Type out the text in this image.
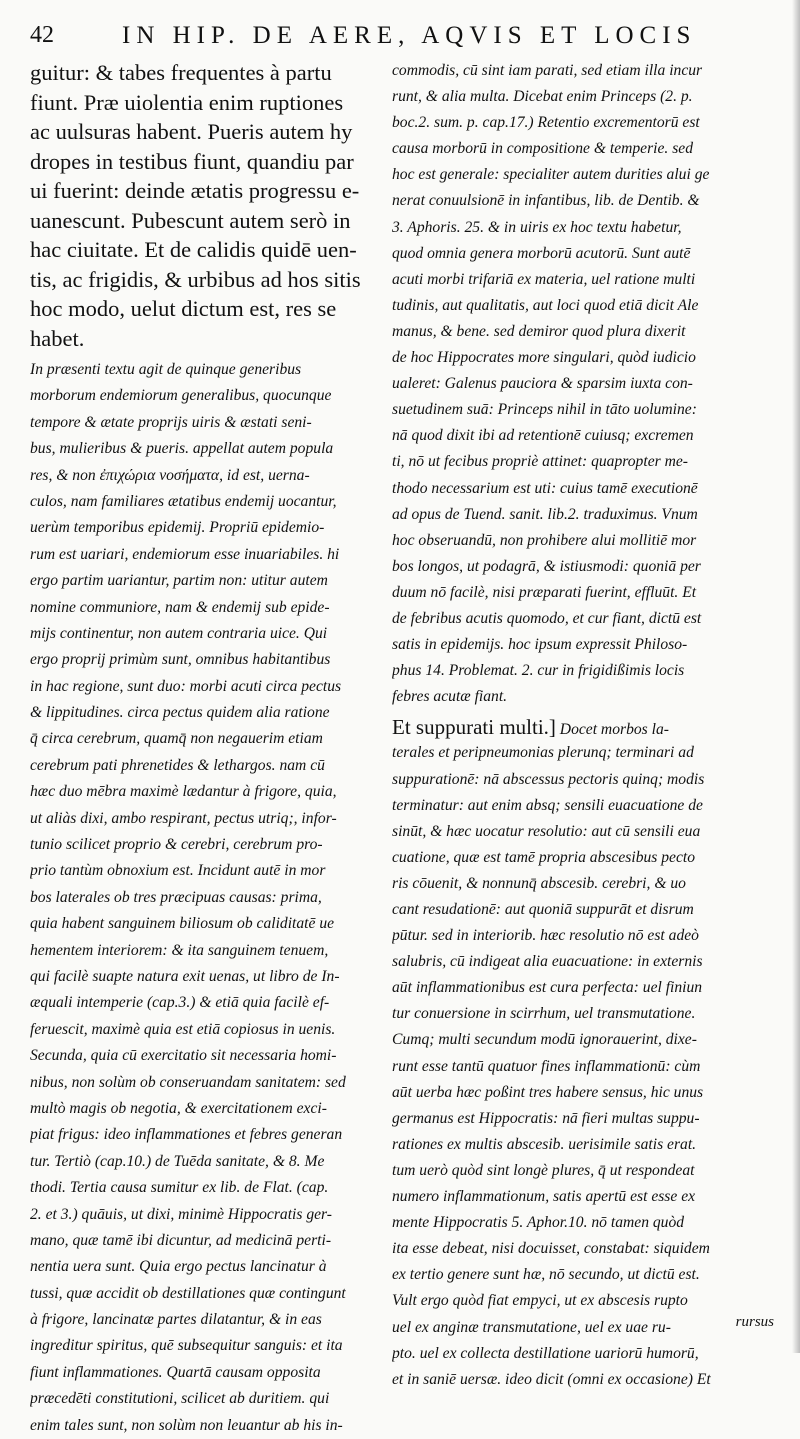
42	IN HIP. DE AERE, AQVIS ET LOCIS
guitur: & tabes frequentes à partu
fiunt. Præ uiolentia enim ruptiones
ac uulsuras habent. Pueris autem hy
dropes in testibus fiunt, quandiu par
ui fuerint: deinde ætatis progressu e-
uanescunt. Pubescunt autem serò in
hac ciuitate. Et de calidis quidē uen-
tis, ac frigidis, & urbibus ad hos sitis
hoc modo, uelut dictum est, res se
habet.
In præsenti textu agit de quinque generibus
morborum endemiorum generalibus, quocunque
tempore & ætate proprijs uiris & æstati seni-
bus, mulieribus & pueris. appellat autem popula
res, & non ἐπιχώρια νοσήματα, id est, uerna-
culos, nam familiares ætatibus endemij uocantur,
uerùm temporibus epidemij. Propriū epidemio-
rum est uariari, endemiorum esse inuariabiles. hi
ergo partim uariantur, partim non: utitur autem
nomine communiore, nam & endemij sub epide-
mijs continentur, non autem contraria uice. Qui
ergo proprij primùm sunt, omnibus habitantibus
in hac regione, sunt duo: morbi acuti circa pectus
& lippitudines. circa pectus quidem alia ratione
q̄ circa cerebrum, quamq̄ non negauerim etiam
cerebrum pati phrenetides & lethargos. nam cū
hæc duo mēbra maximè lædantur à frigore, quia,
ut aliàs dixi, ambo respirant, pectus utriq;, infor-
tunio scilicet proprio & cerebri, cerebrum pro-
prio tantùm obnoxium est. Incidunt autē in mor
bos laterales ob tres præcipuas causas: prima,
quia habent sanguinem biliosum ob caliditatē ue
hementem interiorem: & ita sanguinem tenuem,
qui facilè suapte natura exit uenas, ut libro de In-
æquali intemperie (cap.3.) & etiā quia facilè ef-
feruescit, maximè quia est etiā copiosus in uenis.
Secunda, quia cū exercitatio sit necessaria homi-
nibus, non solùm ob conseruandam sanitatem: sed
multò magis ob negotia, & exercitationem exci-
piat frigus: ideo inflammationes et febres generan
tur. Tertiò (cap.10.) de Tuēda sanitate, & 8. Me
thodi. Tertia causa sumitur ex lib. de Flat. (cap.
2. et 3.) quāuis, ut dixi, minimè Hippocratis ger-
mano, quæ tamē ibi dicuntur, ad medicinā perti-
nentia uera sunt. Quia ergo pectus lancinatur à
tussi, quæ accidit ob destillationes quæ contingunt
à frigore, lancinatæ partes dilatantur, & in eas
ingreditur spiritus, quē subsequitur sanguis: et ita
fiunt inflammationes. Quartā causam opposita
præcedēti constitutioni, scilicet ab duritiem. qui
enim tales sunt, non solùm non leuantur ab his in-
commodis, cū sint iam parati, sed etiam illa incur
runt, & alia multa. Dicebat enim Princeps (2. p.
boc.2. sum. p. cap.17.) Retentio excrementorū est
causa morborū in compositione & temperie. sed
hoc est generale: specialiter autem durities alui ge
nerat conuulsionē in infantibus, lib. de Dentib. &
3. Aphoris. 25. & in uiris ex hoc textu habetur,
quod omnia genera morborū acutorū. Sunt autē
acuti morbi trifariā ex materia, uel ratione multi
tudinis, aut qualitatis, aut loci quod etiā dicit Ale
manus, & bene. sed demiror quod plura dixerit
de hoc Hippocrates more singulari, quòd iudicio
ualeret: Galenus pauciora & sparsim iuxta con-
suetudinem suā: Princeps nihil in tāto uolumine:
nā quod dixit ibi ad retentionē cuiusq; excremen
ti, nō ut fecibus propriè attinet: quapropter me-
thodo necessarium est uti: cuius tamē executionē
ad opus de Tuend. sanit. lib.2. traduximus. Vnum
hoc obseruandū, non prohibere alui mollitiē mor
bos longos, ut podagrā, & istiusmodi: quoniā per
duum nō facilè, nisi præparati fuerint, effluūt. Et
de febribus acutis quomodo, et cur fiant, dictū est
satis in epidemijs. hoc ipsum expressit Philoso-
phus 14. Problemat. 2. cur in frigidißimis locis
febres acutæ fiant.
Et suppurati multi.] Docet morbos la-
terales et peripneumonias plerunq; terminari ad
suppurationē: nā abscessus pectoris quinq; modis
terminatur: aut enim absq; sensili euacuatione de
sinūt, & hæc uocatur resolutio: aut cū sensili eua
cuatione, quæ est tamē propria abscesibus pecto
ris cōuenit, & nonnunq̄ abscesib. cerebri, & uo
cant resudationē: aut quoniā suppurāt et disrum
pūtur. sed in interiorib. hæc resolutio nō est adeò
salubris, cū indigeat alia euacuatione: in externis
aūt inflammationibus est cura perfecta: uel finiun
tur conuersione in scirrhum, uel transmutatione.
Cumq; multi secundum modū ignorauerint, dixe-
runt esse tantū quatuor fines inflammationū: cùm
aūt uerba hæc poßint tres habere sensus, hic unus
germanus est Hippocratis: nā fieri multas suppu-
rationes ex multis abscesib. uerisimile satis erat.
tum uerò quòd sint longè plures, q̄ ut respondeat
numero inflammationum, satis apertū est esse ex
mente Hippocratis 5. Aphor.10. nō tamen quòd
ita esse debeat, nisi docuisset, constabat: siquidem
ex tertio genere sunt hæ, nō secundo, ut dictū est.
Vult ergo quòd fiat empyci, ut ex abscesis rupto
uel ex anginæ transmutatione, uel ex uae ru-
pto. uel ex collecta destillatione uariorū humorū,
et in saniē uersæ. ideo dicit (omni ex occasione) Et
rursus
